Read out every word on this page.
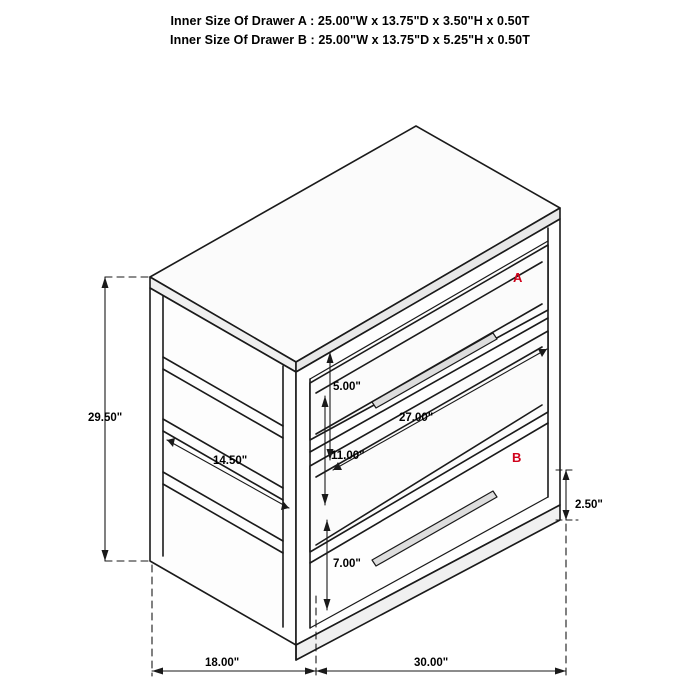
Inner Size Of Drawer A : 25.00"W x 13.75"D x 3.50"H x 0.50T
Inner Size Of Drawer B : 25.00"W x 13.75"D x 5.25"H x 0.50T
29.50"
14.50"
5.00"
27.00"
11.00"
7.00"
2.50"
18.00"	30.00"
A
B
